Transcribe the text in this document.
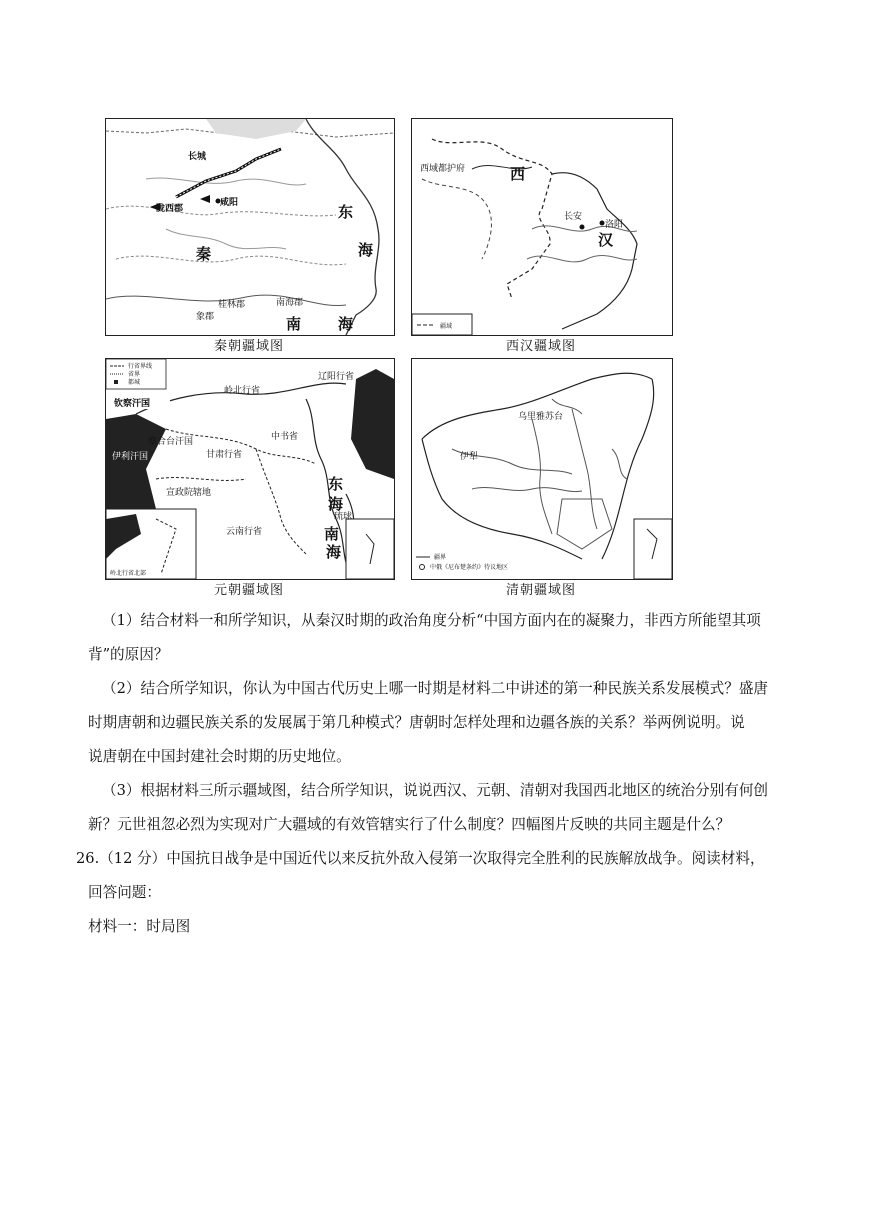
长城
陇西郡
咸阳
秦
东
海
南 海
南海郡
桂林郡
象郡
秦朝疆域图
西域都护府	西
长安
洛阳
汉
疆域
西汉疆域图
行省界线
省界
都城
钦察汗国
岭北行省
察合台汗国
伊利汗国
宣政院辖地
甘肃行省
辽阳行省
中书省
云南行省
东
海
南
海
琉球
岭北行省北部
元朝疆域图
乌里雅苏台
伊犁
疆界
中俄《尼布楚条约》待议地区
清朝疆域图

（1）结合材料一和所学知识，从秦汉时期的政治角度分析“中国方面内在的凝聚力，非西方所能望其项

背”的原因？

（2）结合所学知识，你认为中国古代历史上哪一时期是材料二中讲述的第一种民族关系发展模式？盛唐

时期唐朝和边疆民族关系的发展属于第几种模式？唐朝时怎样处理和边疆各族的关系？举两例说明。说

说唐朝在中国封建社会时期的历史地位。

（3）根据材料三所示疆域图，结合所学知识，说说西汉、元朝、清朝对我国西北地区的统治分别有何创

新？元世祖忽必烈为实现对广大疆域的有效管辖实行了什么制度？四幅图片反映的共同主题是什么？

26.（12 分）中国抗日战争是中国近代以来反抗外敌入侵第一次取得完全胜利的民族解放战争。阅读材料，

回答问题：

材料一：时局图
